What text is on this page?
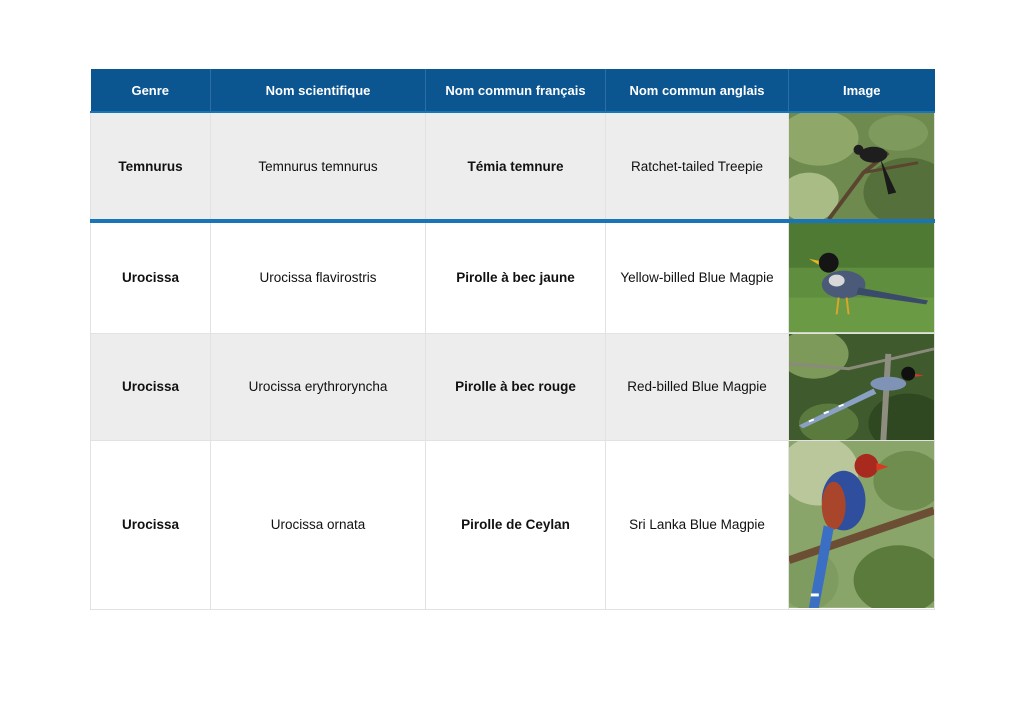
Genre	Nom scientifique	Nom commun français	Nom commun anglais	Image
Temnurus	Temnurus temnurus	Témia temnure	Ratchet-tailed Treepie	

Urocissa	Urocissa flavirostris	Pirolle à bec jaune	Yellow-billed Blue Magpie	

Urocissa	Urocissa erythroryncha	Pirolle à bec rouge	Red-billed Blue Magpie	

Urocissa	Urocissa ornata	Pirolle de Ceylan	Sri Lanka Blue Magpie	
